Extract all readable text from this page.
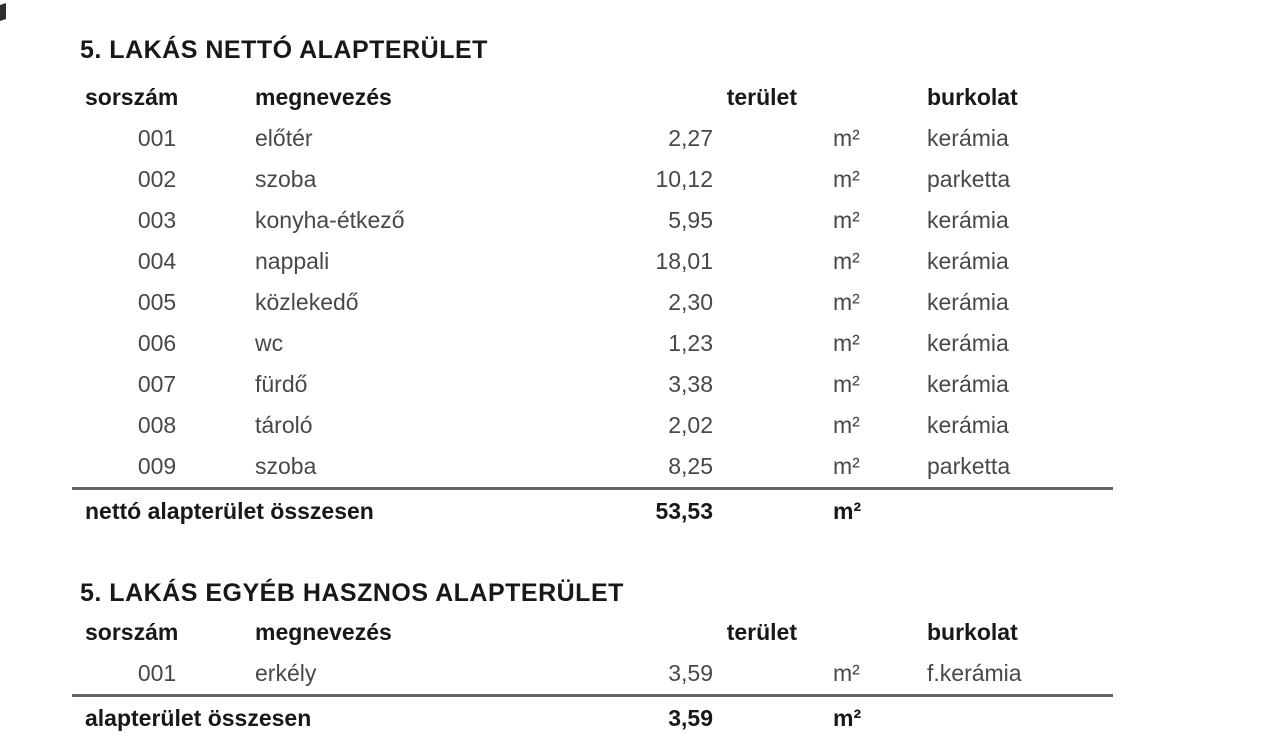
5. LAKÁS NETTÓ ALAPTERÜLET
sorszám	megnevezés	terület	burkolat
001	előtér	2,27	m²	kerámia
002	szoba	10,12	m²	parketta
003	konyha-étkező	5,95	m²	kerámia
004	nappali	18,01	m²	kerámia
005	közlekedő	2,30	m²	kerámia
006	wc	1,23	m²	kerámia
007	fürdő	3,38	m²	kerámia
008	tároló	2,02	m²	kerámia
009	szoba	8,25	m²	parketta
nettó alapterület összesen	53,53	m²
5. LAKÁS EGYÉB HASZNOS ALAPTERÜLET
sorszám	megnevezés	terület	burkolat
001	erkély	3,59	m²	f.kerámia
alapterület összesen	3,59	m²
